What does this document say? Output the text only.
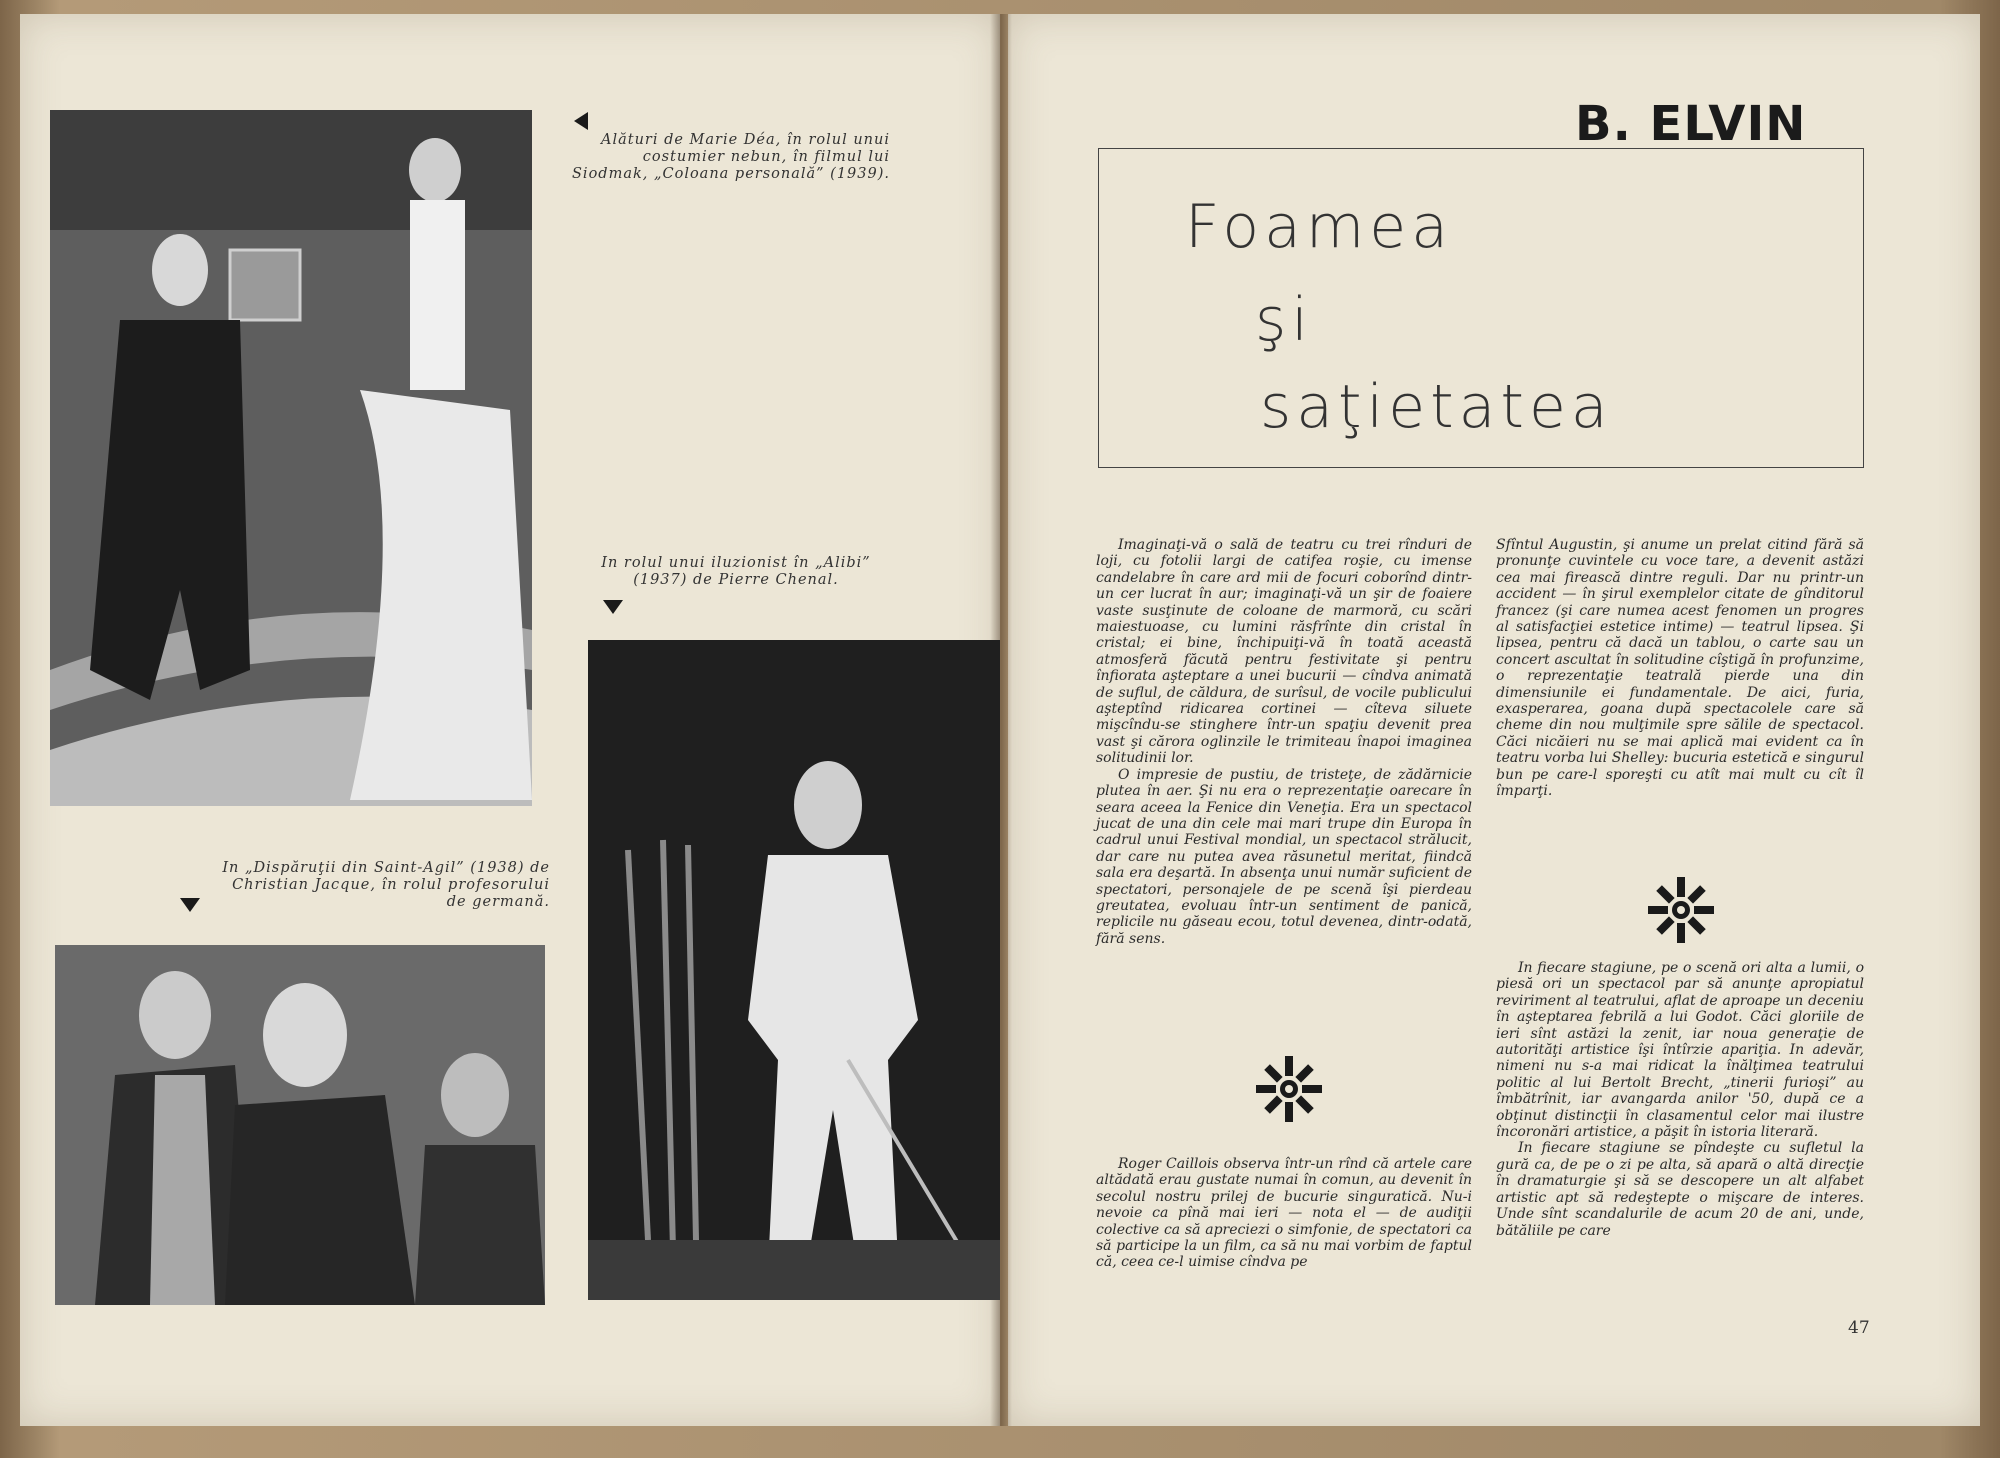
Alături de Marie Déa, în rolul unui costumier nebun, în filmul lui Siodmak, „Coloana personală” (1939).
In rolul unui iluzionist în „Alibi” (1937) de Pierre Chenal.
In „Dispăruţii din Saint-Agil” (1938) de Christian Jacque, în rolul profesorului de germană.
B. ELVIN
Foamea
şi
saţietatea

Imaginaţi-vă o sală de teatru cu trei rînduri de loji, cu fotolii largi de catifea roşie, cu imense candelabre în care ard mii de focuri coborînd dintr-un cer lucrat în aur; imaginaţi-vă un şir de foaiere vaste susţinute de coloane de marmoră, cu scări maiestuoase, cu lumini răsfrînte din cristal în cristal; ei bine, închipuiţi-vă în toată această atmosferă făcută pentru festivitate şi pentru înfiorata aşteptare a unei bucurii — cîndva animată de suflul, de căldura, de surîsul, de vocile publicului aşteptînd ridicarea cortinei — cîteva siluete mişcîndu-se stinghere într-un spaţiu devenit prea vast şi cărora oglinzile le trimiteau înapoi imaginea solitudinii lor.

O impresie de pustiu, de tristeţe, de zădărnicie plutea în aer. Şi nu era o reprezentaţie oarecare în seara aceea la Fenice din Veneţia. Era un spectacol jucat de una din cele mai mari trupe din Europa în cadrul unui Festival mondial, un spectacol strălucit, dar care nu putea avea răsunetul meritat, fiindcă sala era deşartă. In absenţa unui număr suficient de spectatori, personajele de pe scenă îşi pierdeau greutatea, evoluau într-un sentiment de panică, replicile nu găseau ecou, totul devenea, dintr-odată, fără sens.

Roger Caillois observa într-un rînd că artele care altădată erau gustate numai în comun, au devenit în secolul nostru prilej de bucurie singuratică. Nu-i nevoie ca pînă mai ieri — nota el — de audiţii colective ca să apreciezi o simfonie, de spectatori ca să participe la un film, ca să nu mai vorbim de faptul că, ceea ce-l uimise cîndva pe

Sfîntul Augustin, şi anume un prelat citind fără să pronunţe cuvintele cu voce tare, a devenit astăzi cea mai firească dintre reguli. Dar nu printr-un accident — în şirul exemplelor citate de gînditorul francez (şi care numea acest fenomen un progres al satisfacţiei estetice intime) — teatrul lipsea. Şi lipsea, pentru că dacă un tablou, o carte sau un concert ascultat în solitudine cîştigă în profunzime, o reprezentaţie teatrală pierde una din dimensiunile ei fundamentale. De aici, furia, exasperarea, goana după spectacolele care să cheme din nou mulţimile spre sălile de spectacol. Căci nicăieri nu se mai aplică mai evident ca în teatru vorba lui Shelley: bucuria estetică e singurul bun pe care-l sporeşti cu atît mai mult cu cît îl împarţi.

In fiecare stagiune, pe o scenă ori alta a lumii, o piesă ori un spectacol par să anunţe apropiatul reviriment al teatrului, aflat de aproape un deceniu în aşteptarea febrilă a lui Godot. Căci gloriile de ieri sînt astăzi la zenit, iar noua generaţie de autorităţi artistice îşi întîrzie apariţia. In adevăr, nimeni nu s-a mai ridicat la înălţimea teatrului politic al lui Bertolt Brecht, „tinerii furioşi” au îmbătrînit, iar avangarda anilor '50, după ce a obţinut distincţii în clasamentul celor mai ilustre încoronări artistice, a păşit în istoria literară.

In fiecare stagiune se pîndeşte cu sufletul la gură ca, de pe o zi pe alta, să apară o altă direcţie în dramaturgie şi să se descopere un alt alfabet artistic apt să redeştepte o mişcare de interes. Unde sînt scandalurile de acum 20 de ani, unde, bătăliile pe care

47
